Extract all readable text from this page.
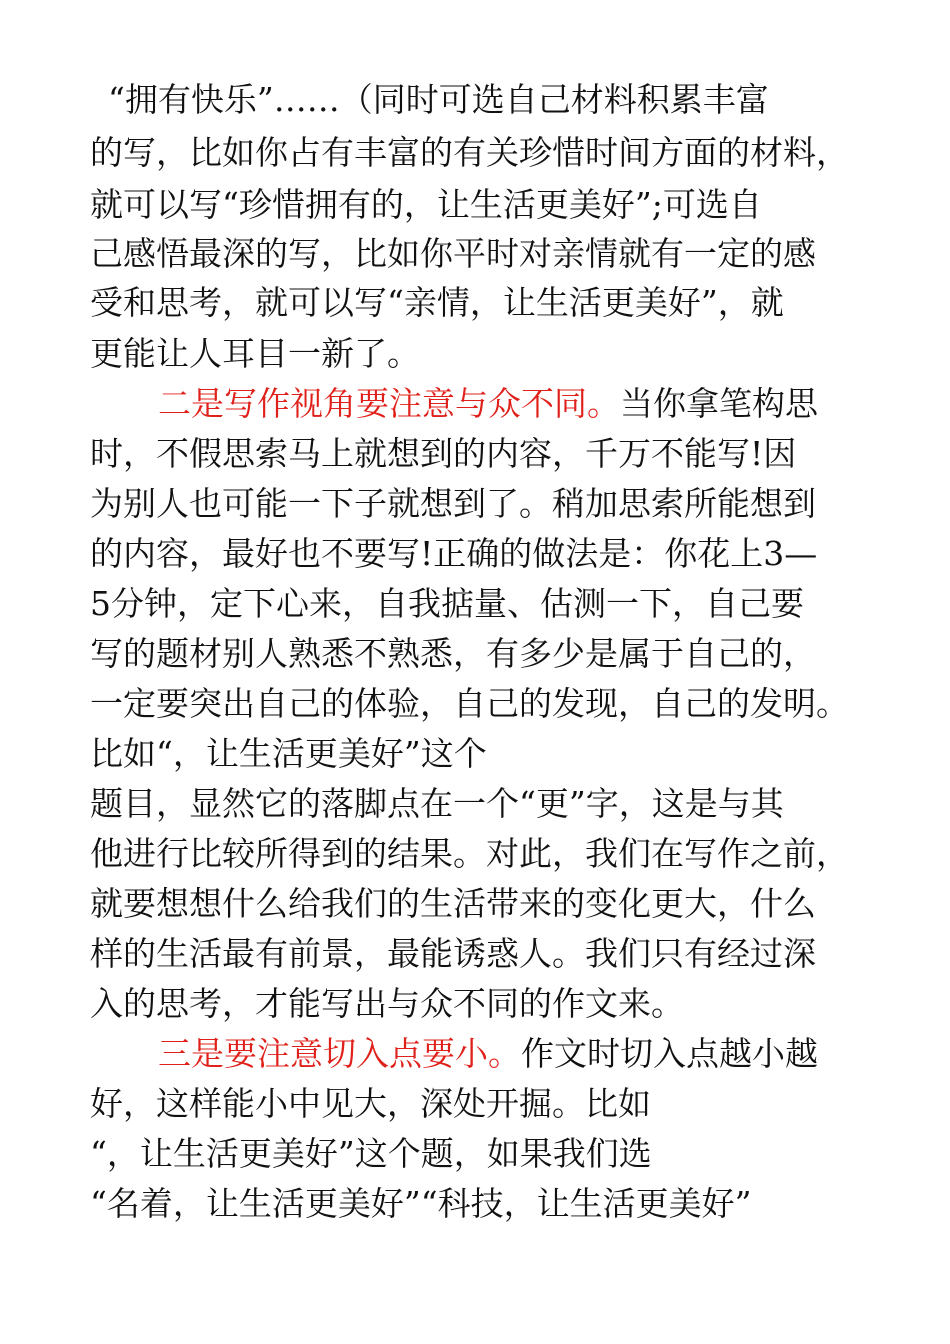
“拥有快乐”……（同时可选自己材料积累丰富
的写，比如你占有丰富的有关珍惜时间方面的材料，
就可以写“珍惜拥有的，让生活更美好”;可选自
己感悟最深的写，比如你平时对亲情就有一定的感
受和思考，就可以写“亲情，让生活更美好”，就
更能让人耳目一新了。
二是写作视角要注意与众不同。当你拿笔构思
时，不假思索马上就想到的内容，千万不能写!因
为别人也可能一下子就想到了。稍加思索所能想到
的内容，最好也不要写!正确的做法是：你花上3—
5分钟，定下心来，自我掂量、估测一下，自己要
写的题材别人熟悉不熟悉，有多少是属于自己的，
一定要突出自己的体验，自己的发现，自己的发明。
比如“，让生活更美好”这个
题目，显然它的落脚点在一个“更”字，这是与其
他进行比较所得到的结果。对此，我们在写作之前，
就要想想什么给我们的生活带来的变化更大，什么
样的生活最有前景，最能诱惑人。我们只有经过深
入的思考，才能写出与众不同的作文来。
三是要注意切入点要小。作文时切入点越小越
好，这样能小中见大，深处开掘。比如
“，让生活更美好”这个题，如果我们选
“名着，让生活更美好”“科技，让生活更美好”
